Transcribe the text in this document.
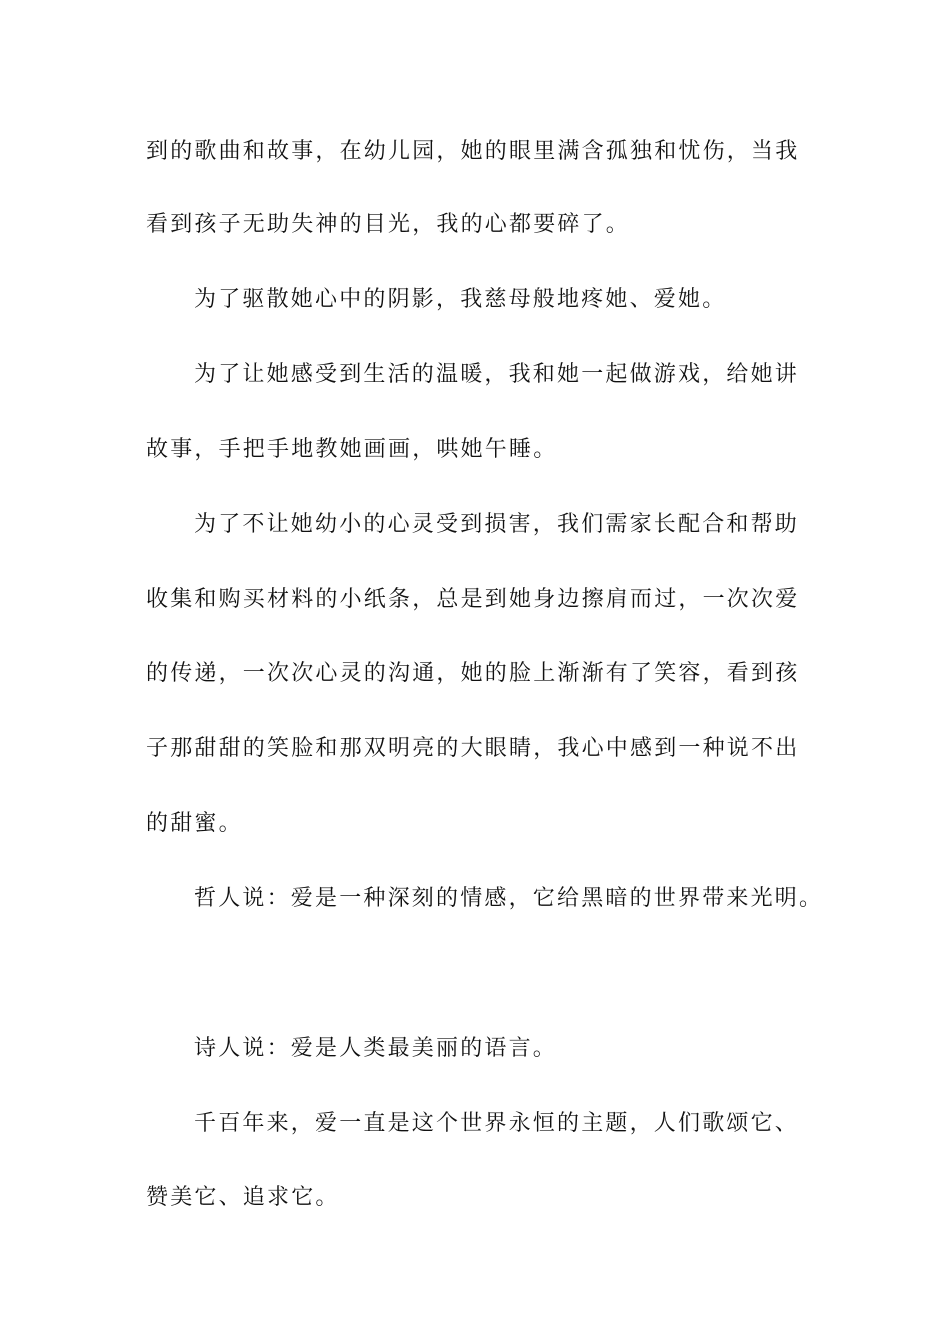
到的歌曲和故事，在幼儿园，她的眼里满含孤独和忧伤，当我
看到孩子无助失神的目光，我的心都要碎了。
为了驱散她心中的阴影，我慈母般地疼她、爱她。
为了让她感受到生活的温暖，我和她一起做游戏，给她讲
故事，手把手地教她画画，哄她午睡。
为了不让她幼小的心灵受到损害，我们需家长配合和帮助
收集和购买材料的小纸条，总是到她身边擦肩而过，一次次爱
的传递，一次次心灵的沟通，她的脸上渐渐有了笑容，看到孩
子那甜甜的笑脸和那双明亮的大眼睛，我心中感到一种说不出
的甜蜜。
哲人说：爱是一种深刻的情感，它给黑暗的世界带来光明。
诗人说：爱是人类最美丽的语言。
千百年来，爱一直是这个世界永恒的主题，人们歌颂它、
赞美它、追求它。
